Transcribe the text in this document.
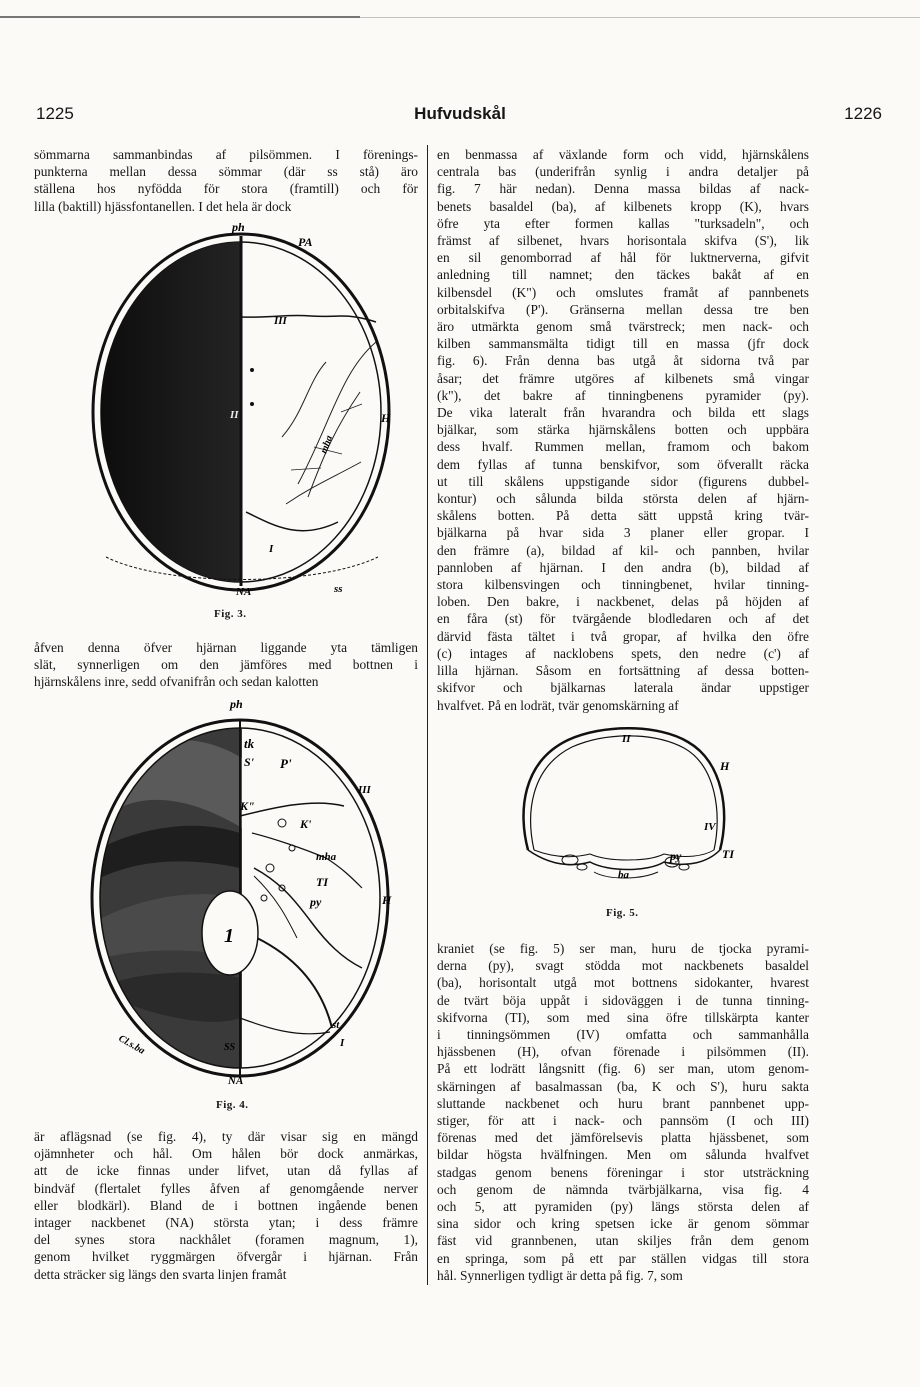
1225	Hufvudskål	1226
sömmarna sammanbindas af pilsömmen. I förenings-
punkterna mellan dessa sömmar (där ss stå) äro
ställena hos nyfödda för stora (framtill) och för
lilla (baktill) hjässfontanellen. I det hela är dock
ph
PA
III
II	H
mha
I
NA	ss
Fig. 3.
åfven denna öfver hjärnan liggande yta tämligen
slät, synnerligen om den jämföres med bottnen i
hjärnskålens inre, sedd ofvanifrån och sedan kalotten
ph
tk
S' P'
III
K"
K'
mha
TI
py	H
1
st
SS	I
NA
Cl.s.ba
Fig. 4.
är aflägsnad (se fig. 4), ty där visar sig en mängd
ojämnheter och hål. Om hålen bör dock anmärkas,
att de icke finnas under lifvet, utan då fyllas af
bindväf (flertalet fylles åfven af genomgående nerver
eller blodkärl). Bland de i bottnen ingående benen
intager nackbenet (NA) största ytan; i dess främre
del synes stora nackhålet (foramen magnum, 1),
genom hvilket ryggmärgen öfvergår i hjärnan. Från
detta sträcker sig längs den svarta linjen framåt
en benmassa af växlande form och vidd, hjärnskålens
centrala bas (underifrån synlig i andra detaljer på
fig. 7 här nedan). Denna massa bildas af nack-
benets basaldel (ba), af kilbenets kropp (K), hvars
öfre yta efter formen kallas "turksadeln", och
främst af silbenet, hvars horisontala skifva (S'), lik
en sil genomborrad af hål för luktnerverna, gifvit
anledning till namnet; den täckes bakåt af en
kilbensdel (K") och omslutes framåt af pannbenets
orbitalskifva (P'). Gränserna mellan dessa tre ben
äro utmärkta genom små tvärstreck; men nack- och
kilben sammansmälta tidigt till en massa (jfr dock
fig. 6). Från denna bas utgå åt sidorna två par
åsar; det främre utgöres af kilbenets små vingar
(k"), det bakre af tinningbenens pyramider (py).
De vika lateralt från hvarandra och bilda ett slags
bjälkar, som stärka hjärnskålens botten och uppbära
dess hvalf. Rummen mellan, framom och bakom
dem fyllas af tunna benskifvor, som öfverallt räcka
ut till skålens uppstigande sidor (figurens dubbel-
kontur) och sålunda bilda största delen af hjärn-
skålens botten. På detta sätt uppstå kring tvär-
bjälkarna på hvar sida 3 planer eller gropar. I
den främre (a), bildad af kil- och pannben, hvilar
pannloben af hjärnan. I den andra (b), bildad af
stora kilbensvingen och tinningbenet, hvilar tinning-
loben. Den bakre, i nackbenet, delas på höjden af
en fåra (st) för tvärgående blodledaren och af det
därvid fästa tältet i två gropar, af hvilka den öfre
(c) intages af nacklobens spets, den nedre (c') af
lilla hjärnan. Såsom en fortsättning af dessa botten-
skifvor och bjälkarnas laterala ändar uppstiger
hvalfvet. På en lodrät, tvär genomskärning af
II
H
IV
py	TI
ba
Fig. 5.
kraniet (se fig. 5) ser man, huru de tjocka pyrami-
derna (py), svagt stödda mot nackbenets basaldel
(ba), horisontalt utgå mot bottnens sidokanter, hvarest
de tvärt böja uppåt i sidoväggen i de tunna tinning-
skifvorna (TI), som med sina öfre tillskärpta kanter
i tinningsömmen (IV) omfatta och sammanhålla
hjässbenen (H), ofvan förenade i pilsömmen (II).
På ett lodrätt långsnitt (fig. 6) ser man, utom genom-
skärningen af basalmassan (ba, K och S'), huru sakta
sluttande nackbenet och huru brant pannbenet upp-
stiger, för att i nack- och pannsöm (I och III)
förenas med det jämförelsevis platta hjässbenet, som
bildar högsta hvälfningen. Men om sålunda hvalfvet
stadgas genom benens föreningar i stor utsträckning
och genom de nämnda tvärbjälkarna, visa fig. 4
och 5, att pyramiden (py) längs största delen af
sina sidor och kring spetsen icke är genom sömmar
fäst vid grannbenen, utan skiljes från dem genom
en springa, som på ett par ställen vidgas till stora
hål. Synnerligen tydligt är detta på fig. 7, som
